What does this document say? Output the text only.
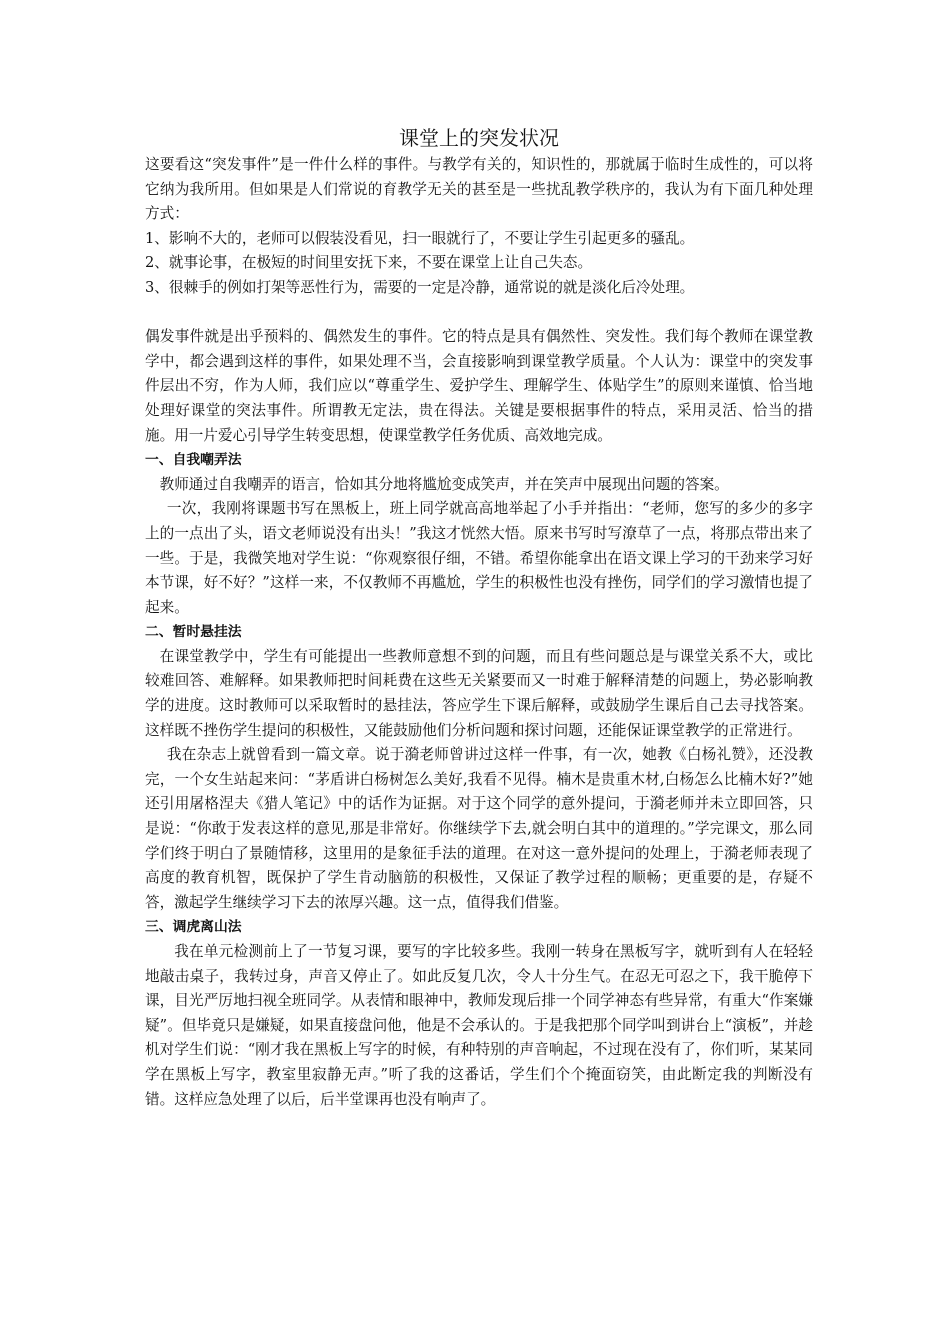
课堂上的突发状况

这要看这“突发事件”是一件什么样的事件。与教学有关的，知识性的，那就属于临时生成性的，可以将它纳为我所用。但如果是人们常说的育教学无关的甚至是一些扰乱教学秩序的，我认为有下面几种处理方式：

1、影响不大的，老师可以假装没看见，扫一眼就行了，不要让学生引起更多的骚乱。

2、就事论事，在极短的时间里安抚下来，不要在课堂上让自己失态。

3、很棘手的例如打架等恶性行为，需要的一定是冷静，通常说的就是淡化后冷处理。

偶发事件就是出乎预料的、偶然发生的事件。它的特点是具有偶然性、突发性。我们每个教师在课堂教学中，都会遇到这样的事件，如果处理不当，会直接影响到课堂教学质量。个人认为：课堂中的突发事件层出不穷，作为人师，我们应以“尊重学生、爱护学生、理解学生、体贴学生”的原则来谨慎、恰当地处理好课堂的突法事件。所谓教无定法，贵在得法。关键是要根据事件的特点，采用灵活、恰当的措施。用一片爱心引导学生转变思想，使课堂教学任务优质、高效地完成。

一、自我嘲弄法

教师通过自我嘲弄的语言，恰如其分地将尴尬变成笑声，并在笑声中展现出问题的答案。

一次，我刚将课题书写在黑板上，班上同学就高高地举起了小手并指出：“老师，您写的多少的多字上的一点出了头，语文老师说没有出头！”我这才恍然大悟。原来书写时写潦草了一点，将那点带出来了一些。于是，我微笑地对学生说：“你观察很仔细，不错。希望你能拿出在语文课上学习的干劲来学习好本节课，好不好？”这样一来，不仅教师不再尴尬，学生的积极性也没有挫伤，同学们的学习激情也提了起来。

二、暂时悬挂法

在课堂教学中，学生有可能提出一些教师意想不到的问题，而且有些问题总是与课堂关系不大，或比较难回答、难解释。如果教师把时间耗费在这些无关紧要而又一时难于解释清楚的问题上，势必影响教学的进度。这时教师可以采取暂时的悬挂法，答应学生下课后解释，或鼓励学生课后自己去寻找答案。这样既不挫伤学生提问的积极性，又能鼓励他们分析问题和探讨问题，还能保证课堂教学的正常进行。

我在杂志上就曾看到一篇文章。说于漪老师曾讲过这样一件事，有一次，她教《白杨礼赞》，还没教完，一个女生站起来问：“茅盾讲白杨树怎么美好,我看不见得。楠木是贵重木材,白杨怎么比楠木好?”她还引用屠格涅夫《猎人笔记》中的话作为证据。对于这个同学的意外提问，于漪老师并未立即回答，只是说：“你敢于发表这样的意见,那是非常好。你继续学下去,就会明白其中的道理的。”学完课文，那么同学们终于明白了景随情移，这里用的是象征手法的道理。在对这一意外提问的处理上，于漪老师表现了高度的教育机智，既保护了学生肯动脑筋的积极性，又保证了教学过程的顺畅；更重要的是，存疑不答，激起学生继续学习下去的浓厚兴趣。这一点，值得我们借鉴。

三、调虎离山法

我在单元检测前上了一节复习课，要写的字比较多些。我刚一转身在黑板写字，就听到有人在轻轻地敲击桌子，我转过身，声音又停止了。如此反复几次，令人十分生气。在忍无可忍之下，我干脆停下课，目光严厉地扫视全班同学。从表情和眼神中，教师发现后排一个同学神态有些异常，有重大“作案嫌疑”。但毕竟只是嫌疑，如果直接盘问他，他是不会承认的。于是我把那个同学叫到讲台上“演板”，并趁机对学生们说：“刚才我在黑板上写字的时候，有种特别的声音响起，不过现在没有了，你们听，某某同学在黑板上写字，教室里寂静无声。”听了我的这番话，学生们个个掩面窃笑，由此断定我的判断没有错。这样应急处理了以后，后半堂课再也没有响声了。
